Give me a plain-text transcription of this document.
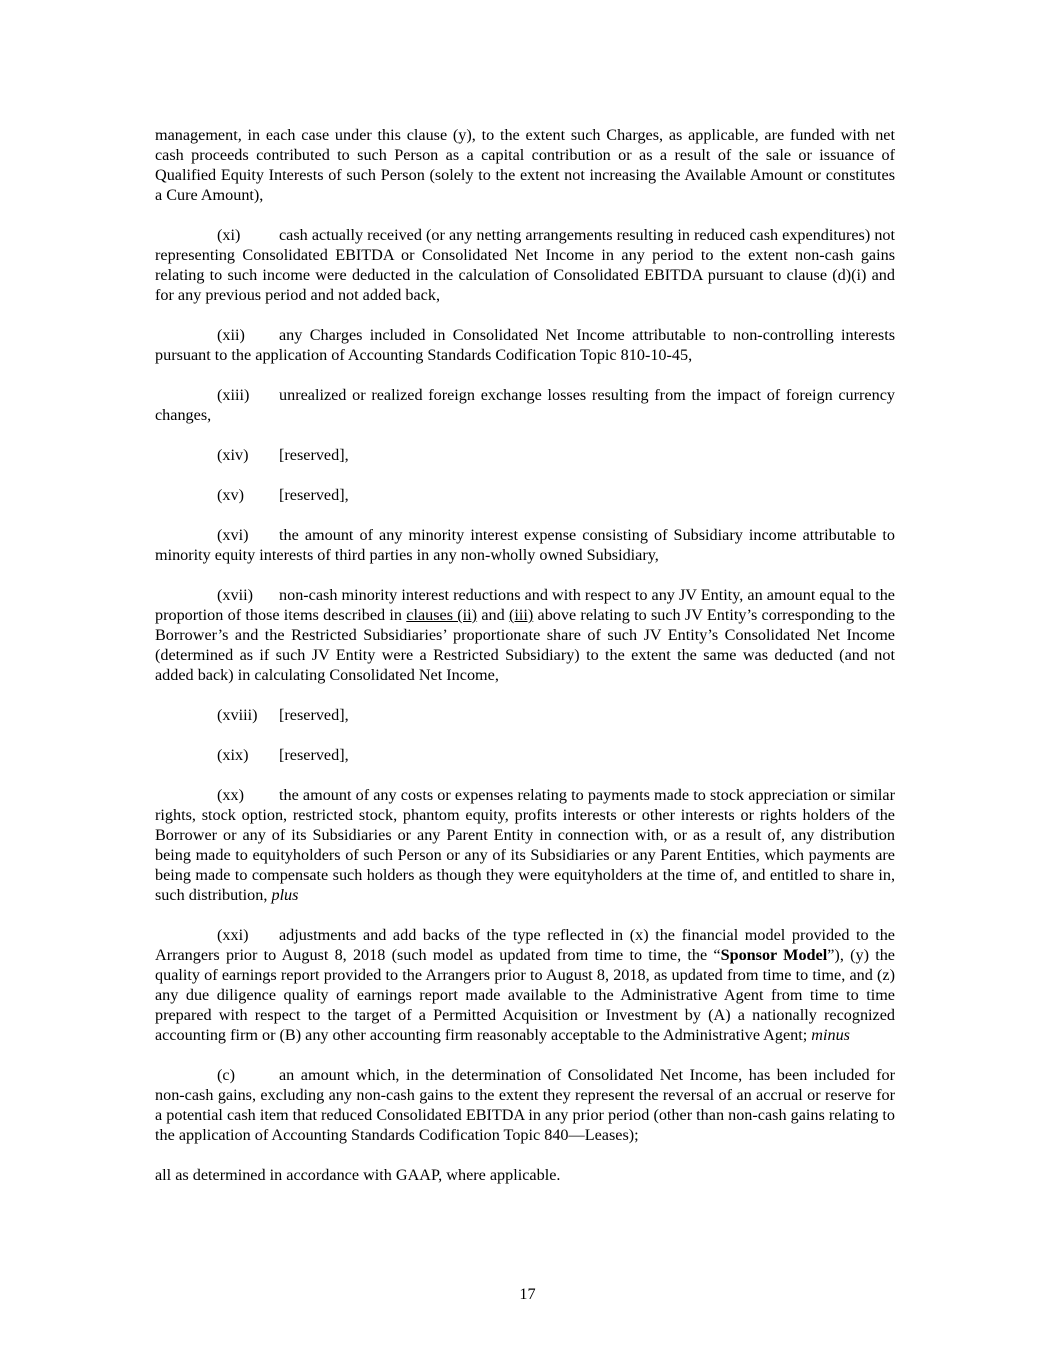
management, in each case under this clause (y), to the extent such Charges, as applicable, are funded with net cash proceeds contributed to such Person as a capital contribution or as a result of the sale or issuance of Qualified Equity Interests of such Person (solely to the extent not increasing the Available Amount or constitutes a Cure Amount),

(xi) cash actually received (or any netting arrangements resulting in reduced cash expenditures) not representing Consolidated EBITDA or Consolidated Net Income in any period to the extent non-cash gains relating to such income were deducted in the calculation of Consolidated EBITDA pursuant to clause (d)(i) and for any previous period and not added back,

(xii) any Charges included in Consolidated Net Income attributable to non-controlling interests pursuant to the application of Accounting Standards Codification Topic 810-10-45,

(xiii) unrealized or realized foreign exchange losses resulting from the impact of foreign currency changes,

(xiv) [reserved],

(xv) [reserved],

(xvi) the amount of any minority interest expense consisting of Subsidiary income attributable to minority equity interests of third parties in any non-wholly owned Subsidiary,

(xvii) non-cash minority interest reductions and with respect to any JV Entity, an amount equal to the proportion of those items described in clauses (ii) and (iii) above relating to such JV Entity’s corresponding to the Borrower’s and the Restricted Subsidiaries’ proportionate share of such JV Entity’s Consolidated Net Income (determined as if such JV Entity were a Restricted Subsidiary) to the extent the same was deducted (and not added back) in calculating Consolidated Net Income,

(xviii) [reserved],

(xix) [reserved],

(xx) the amount of any costs or expenses relating to payments made to stock appreciation or similar rights, stock option, restricted stock, phantom equity, profits interests or other interests or rights holders of the Borrower or any of its Subsidiaries or any Parent Entity in connection with, or as a result of, any distribution being made to equityholders of such Person or any of its Subsidiaries or any Parent Entities, which payments are being made to compensate such holders as though they were equityholders at the time of, and entitled to share in, such distribution, plus

(xxi) adjustments and add backs of the type reflected in (x) the financial model provided to the Arrangers prior to August 8, 2018 (such model as updated from time to time, the “Sponsor Model”), (y) the quality of earnings report provided to the Arrangers prior to August 8, 2018, as updated from time to time, and (z) any due diligence quality of earnings report made available to the Administrative Agent from time to time prepared with respect to the target of a Permitted Acquisition or Investment by (A) a nationally recognized accounting firm or (B) any other accounting firm reasonably acceptable to the Administrative Agent; minus

(c)	an amount which, in the determination of Consolidated Net Income, has been included for non-cash gains, excluding any non-cash gains to the extent they represent the reversal of an accrual or reserve for a potential cash item that reduced Consolidated EBITDA in any prior period (other than non-cash gains relating to the application of Accounting Standards Codification Topic 840—Leases);

all as determined in accordance with GAAP, where applicable.

17
